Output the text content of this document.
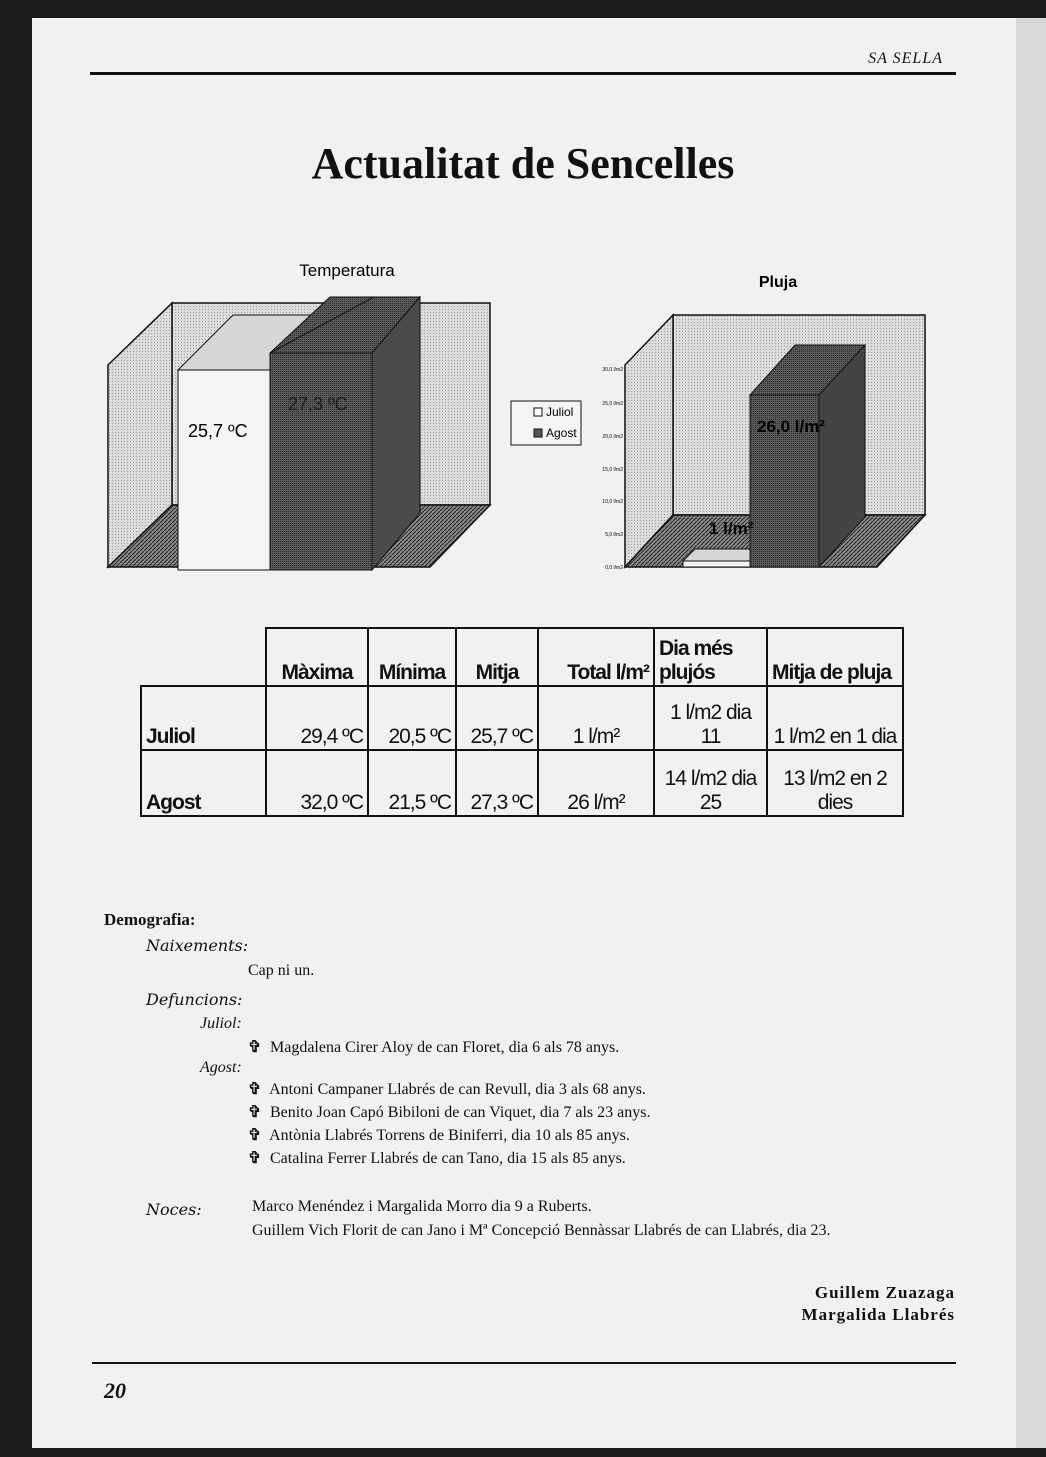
SA SELLA
Actualitat de Sencelles
Temperatura
25,7 ºC
27,3 ºC
Pluja
30,0 l/m2
25,0 l/m2
20,0 l/m2
15,0 l/m2
10,0 l/m2
5,0 l/m2
0,0 l/m2
Juliol
Agost
1 l/m²
26,0 l/m²
	Màxima	Mínima	Mitja	Total l/m²	Dia més plujós	Mitja de pluja
Juliol	29,4 ºC	20,5 ºC	25,7 ºC	1 l/m²	1 l/m2 dia 11	1 l/m2 en 1 dia
Agost	32,0 ºC	21,5 ºC	27,3 ºC	26 l/m²	14 l/m2 dia 25	13 l/m2 en 2 dies
Demografia:
Naixements:
Cap ni un.
Defuncions:
Juliol:
✞ Magdalena Cirer Aloy de can Floret, dia 6 als 78 anys.
Agost:
✞ Antoni Campaner Llabrés de can Revull, dia 3 als 68 anys.
✞ Benito Joan Capó Bibiloni de can Viquet, dia 7 als 23 anys.
✞ Antònia Llabrés Torrens de Biniferri, dia 10 als 85 anys.
✞ Catalina Ferrer Llabrés de can Tano, dia 15 als 85 anys.
Noces:	Marco Menéndez i Margalida Morro dia 9 a Ruberts.
Guillem Vich Florit de can Jano i Mª Concepció Bennàssar Llabrés de can Llabrés, dia 23.
Guillem Zuazaga
Margalida Llabrés
20
